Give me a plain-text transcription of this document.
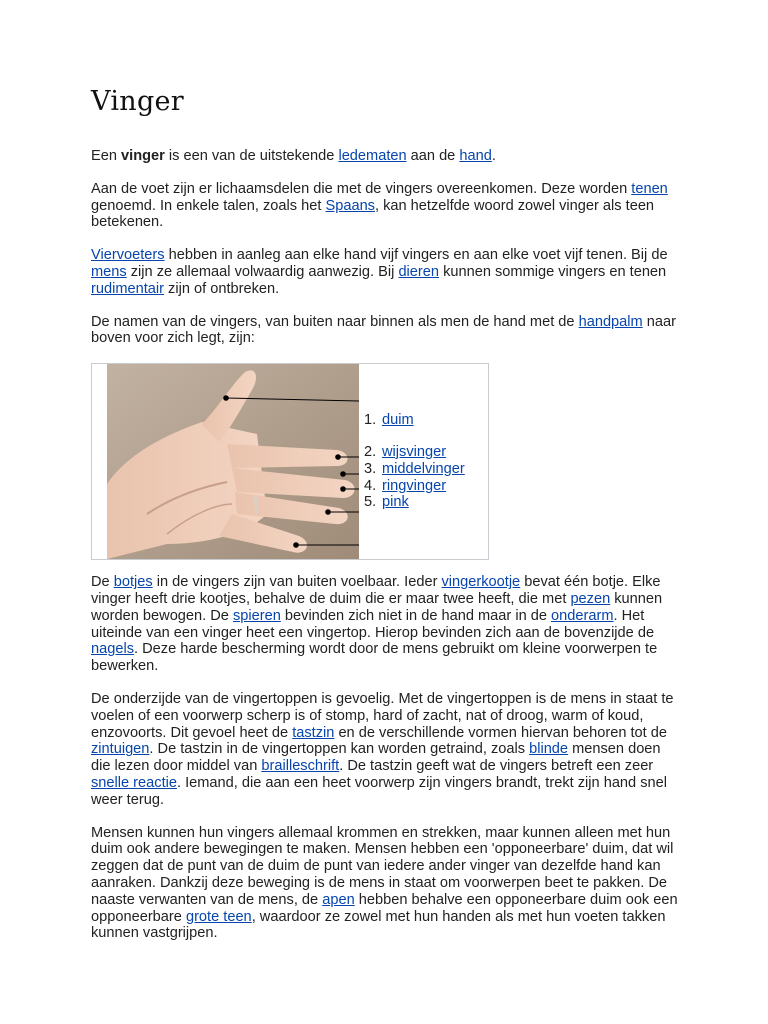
Vinger

Een vinger is een van de uitstekende ledematen aan de hand.

Aan de voet zijn er lichaamsdelen die met de vingers overeenkomen. Deze worden tenen genoemd. In enkele talen, zoals het Spaans, kan hetzelfde woord zowel vinger als teen betekenen.

Viervoeters hebben in aanleg aan elke hand vijf vingers en aan elke voet vijf tenen. Bij de mens zijn ze allemaal volwaardig aanwezig. Bij dieren kunnen sommige vingers en tenen rudimentair zijn of ontbreken.

De namen van de vingers, van buiten naar binnen als men de hand met de handpalm naar boven voor zich legt, zijn:

1. duim
2. wijsvinger
3. middelvinger
4. ringvinger
5. pink

De botjes in de vingers zijn van buiten voelbaar. Ieder vingerkootje bevat één botje. Elke vinger heeft drie kootjes, behalve de duim die er maar twee heeft, die met pezen kunnen worden bewogen. De spieren bevinden zich niet in de hand maar in de onderarm. Het uiteinde van een vinger heet een vingertop. Hierop bevinden zich aan de bovenzijde de nagels. Deze harde bescherming wordt door de mens gebruikt om kleine voorwerpen te bewerken.

De onderzijde van de vingertoppen is gevoelig. Met de vingertoppen is de mens in staat te voelen of een voorwerp scherp is of stomp, hard of zacht, nat of droog, warm of koud, enzovoorts. Dit gevoel heet de tastzin en de verschillende vormen hiervan behoren tot de zintuigen. De tastzin in de vingertoppen kan worden getraind, zoals blinde mensen doen die lezen door middel van brailleschrift. De tastzin geeft wat de vingers betreft een zeer snelle reactie. Iemand, die aan een heet voorwerp zijn vingers brandt, trekt zijn hand snel weer terug.

Mensen kunnen hun vingers allemaal krommen en strekken, maar kunnen alleen met hun duim ook andere bewegingen te maken. Mensen hebben een 'opponeerbare' duim, dat wil zeggen dat de punt van de duim de punt van iedere ander vinger van dezelfde hand kan aanraken. Dankzij deze beweging is de mens in staat om voorwerpen beet te pakken. De naaste verwanten van de mens, de apen hebben behalve een opponeerbare duim ook een opponeerbare grote teen, waardoor ze zowel met hun handen als met hun voeten takken kunnen vastgrijpen.
